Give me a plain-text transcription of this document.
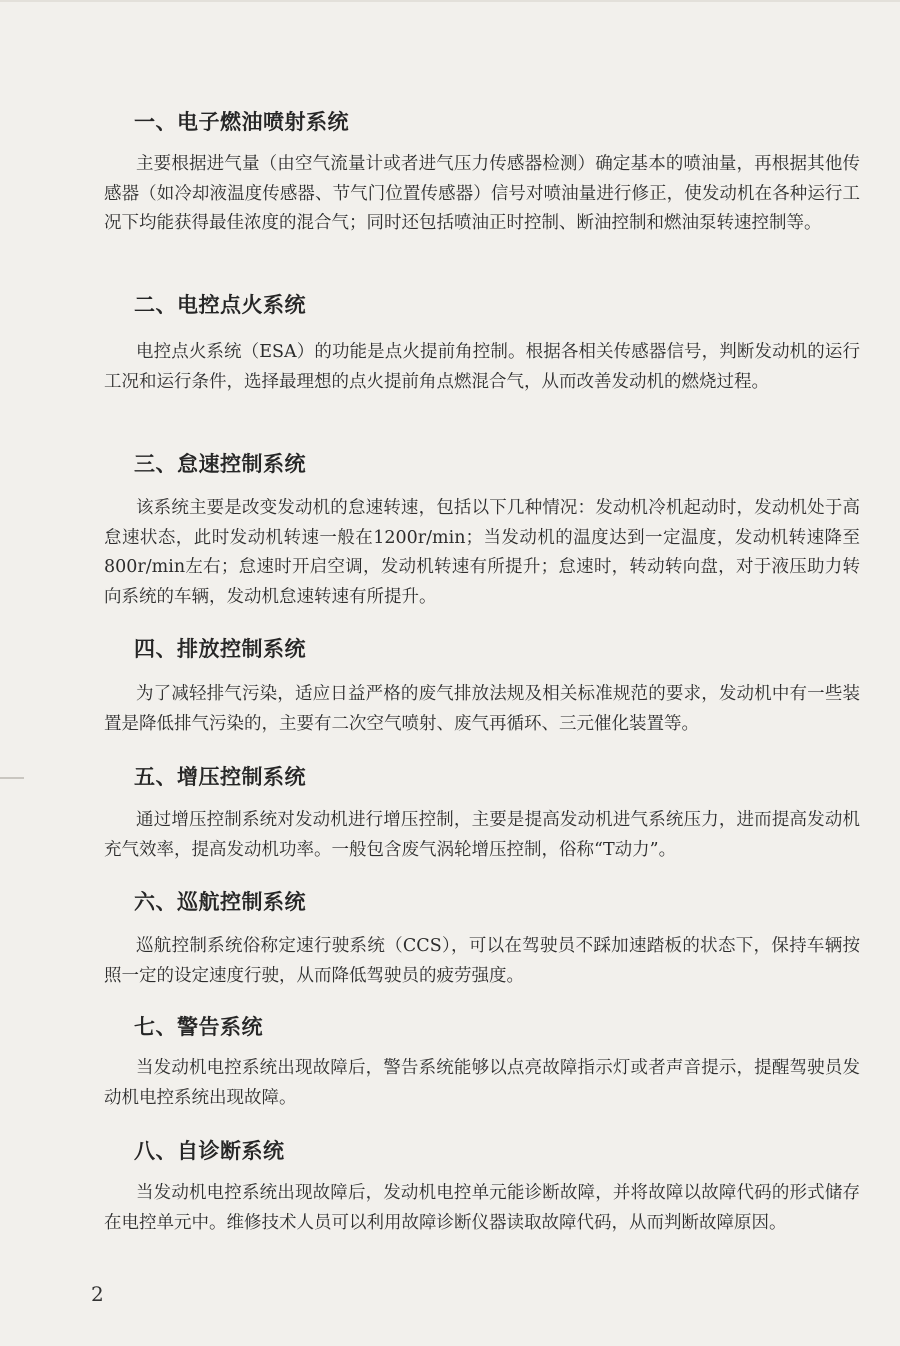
一、电子燃油喷射系统
主要根据进气量（由空气流量计或者进气压力传感器检测）确定基本的喷油量，再根据其他传感器（如冷却液温度传感器、节气门位置传感器）信号对喷油量进行修正，使发动机在各种运行工况下均能获得最佳浓度的混合气；同时还包括喷油正时控制、断油控制和燃油泵转速控制等。
二、电控点火系统
电控点火系统（ESA）的功能是点火提前角控制。根据各相关传感器信号，判断发动机的运行工况和运行条件，选择最理想的点火提前角点燃混合气，从而改善发动机的燃烧过程。
三、怠速控制系统
该系统主要是改变发动机的怠速转速，包括以下几种情况：发动机冷机起动时，发动机处于高怠速状态，此时发动机转速一般在1200r/min；当发动机的温度达到一定温度，发动机转速降至800r/min左右；怠速时开启空调，发动机转速有所提升；怠速时，转动转向盘，对于液压助力转向系统的车辆，发动机怠速转速有所提升。
四、排放控制系统
为了减轻排气污染，适应日益严格的废气排放法规及相关标准规范的要求，发动机中有一些装置是降低排气污染的，主要有二次空气喷射、废气再循环、三元催化装置等。
五、增压控制系统
通过增压控制系统对发动机进行增压控制，主要是提高发动机进气系统压力，进而提高发动机充气效率，提高发动机功率。一般包含废气涡轮增压控制，俗称“T动力”。
六、巡航控制系统
巡航控制系统俗称定速行驶系统（CCS），可以在驾驶员不踩加速踏板的状态下，保持车辆按照一定的设定速度行驶，从而降低驾驶员的疲劳强度。
七、警告系统
当发动机电控系统出现故障后，警告系统能够以点亮故障指示灯或者声音提示，提醒驾驶员发动机电控系统出现故障。
八、自诊断系统
当发动机电控系统出现故障后，发动机电控单元能诊断故障，并将故障以故障代码的形式储存在电控单元中。维修技术人员可以利用故障诊断仪器读取故障代码，从而判断故障原因。
2
